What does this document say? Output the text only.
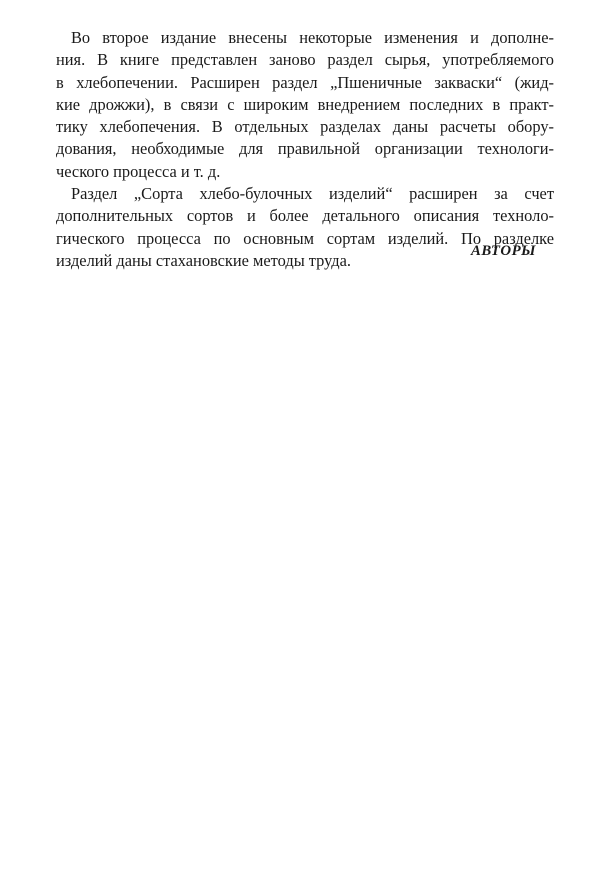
Во второе издание внесены некоторые изменения и дополне-
ния. В книге представлен заново раздел сырья, употребляемого
в хлебопечении. Расширен раздел „Пшеничные закваски“ (жид-
кие дрожжи), в связи с широким внедрением последних в практ-
тику хлебопечения. В отдельных разделах даны расчеты обору-
дования, необходимые для правильной организации технологи-
ческого процесса и т. д.
Раздел „Сорта хлебо-булочных изделий“ расширен за счет
дополнительных сортов и более детального описания техноло-
гического процесса по основным сортам изделий. По разделке
изделий даны стахановские методы труда.	АВТОРЫ
